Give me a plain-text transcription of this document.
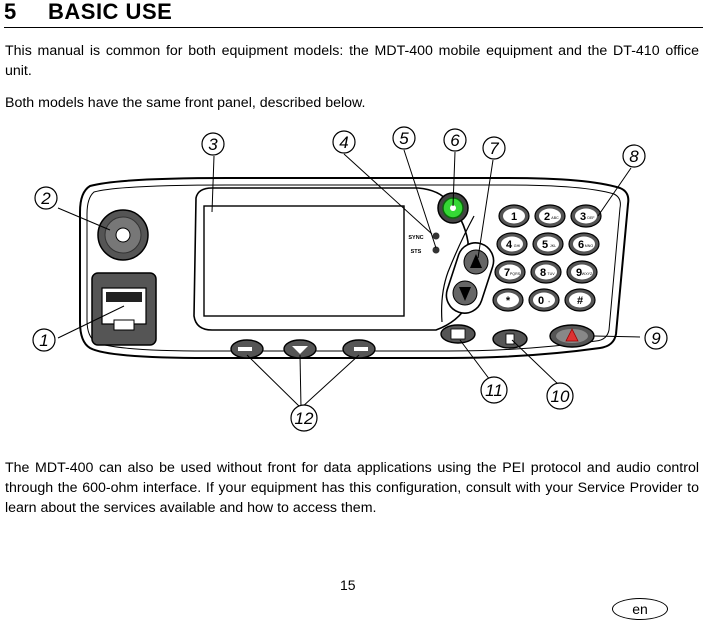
5 BASIC USE

This manual is common for both equipment models: the MDT-400 mobile equipment and the DT-410 office unit.

Both models have the same front panel, described below.

SYNC
STS
1 2 ABC 3 DEF
4 GHI 5 JKL 6 MNO
7 PQRS 8 TUV 9 WXYZ
*	0 + #
1
2
3	4	5 6 7	8
9
10
11
12

The MDT-400 can also be used without front for data applications using the PEI protocol and audio control through the 600-ohm interface. If your equipment has this configuration, consult with your Service Provider to learn about the services available and how to access them.

15
en
